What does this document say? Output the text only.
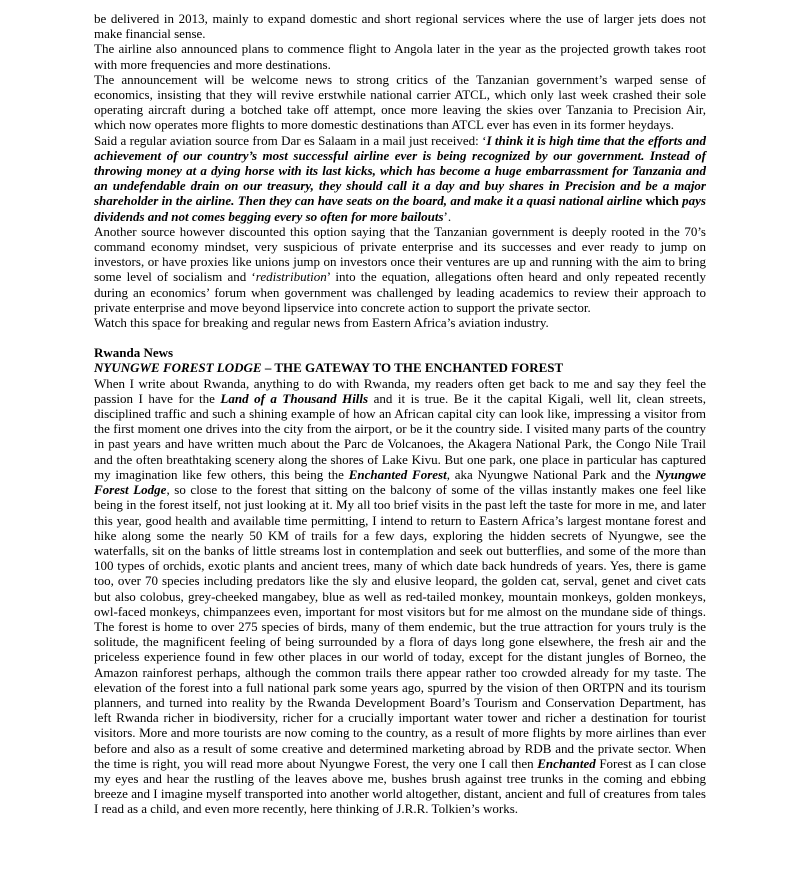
be delivered in 2013, mainly to expand domestic and short regional services where the use of larger jets does not make financial sense.

The airline also announced plans to commence flight to Angola later in the year as the projected growth takes root with more frequencies and more destinations.

The announcement will be welcome news to strong critics of the Tanzanian government’s warped sense of economics, insisting that they will revive erstwhile national carrier ATCL, which only last week crashed their sole operating aircraft during a botched take off attempt, once more leaving the skies over Tanzania to Precision Air, which now operates more flights to more domestic destinations than ATCL ever has even in its former heydays.

Said a regular aviation source from Dar es Salaam in a mail just received: ‘I think it is high time that the efforts and achievement of our country’s most successful airline ever is being recognized by our government. Instead of throwing money at a dying horse with its last kicks, which has become a huge embarrassment for Tanzania and an undefendable drain on our treasury, they should call it a day and buy shares in Precision and be a major shareholder in the airline. Then they can have seats on the board, and make it a quasi national airline which pays dividends and not comes begging every so often for more bailouts’.

Another source however discounted this option saying that the Tanzanian government is deeply rooted in the 70’s command economy mindset, very suspicious of private enterprise and its successes and ever ready to jump on investors, or have proxies like unions jump on investors once their ventures are up and running with the aim to bring some level of socialism and ‘redistribution’ into the equation, allegations often heard and only repeated recently during an economics’ forum when government was challenged by leading academics to review their approach to private enterprise and move beyond lipservice into concrete action to support the private sector.

Watch this space for breaking and regular news from Eastern Africa’s aviation industry.

Rwanda News

NYUNGWE FOREST LODGE – THE GATEWAY TO THE ENCHANTED FOREST

When I write about Rwanda, anything to do with Rwanda, my readers often get back to me and say they feel the passion I have for the Land of a Thousand Hills and it is true. Be it the capital Kigali, well lit, clean streets, disciplined traffic and such a shining example of how an African capital city can look like, impressing a visitor from the first moment one drives into the city from the airport, or be it the country side. I visited many parts of the country in past years and have written much about the Parc de Volcanoes, the Akagera National Park, the Congo Nile Trail and the often breathtaking scenery along the shores of Lake Kivu. But one park, one place in particular has captured my imagination like few others, this being the Enchanted Forest, aka Nyungwe National Park and the Nyungwe Forest Lodge, so close to the forest that sitting on the balcony of some of the villas instantly makes one feel like being in the forest itself, not just looking at it. My all too brief visits in the past left the taste for more in me, and later this year, good health and available time permitting, I intend to return to Eastern Africa’s largest montane forest and hike along some the nearly 50 KM of trails for a few days, exploring the hidden secrets of Nyungwe, see the waterfalls, sit on the banks of little streams lost in contemplation and seek out butterflies, and some of the more than 100 types of orchids, exotic plants and ancient trees, many of which date back hundreds of years. Yes, there is game too, over 70 species including predators like the sly and elusive leopard, the golden cat, serval, genet and civet cats but also colobus, grey-cheeked mangabey, blue as well as red-tailed monkey, mountain monkeys, golden monkeys, owl-faced monkeys, chimpanzees even, important for most visitors but for me almost on the mundane side of things. The forest is home to over 275 species of birds, many of them endemic, but the true attraction for yours truly is the solitude, the magnificent feeling of being surrounded by a flora of days long gone elsewhere, the fresh air and the priceless experience found in few other places in our world of today, except for the distant jungles of Borneo, the Amazon rainforest perhaps, although the common trails there appear rather too crowded already for my taste. The elevation of the forest into a full national park some years ago, spurred by the vision of then ORTPN and its tourism planners, and turned into reality by the Rwanda Development Board’s Tourism and Conservation Department, has left Rwanda richer in biodiversity, richer for a crucially important water tower and richer a destination for tourist visitors. More and more tourists are now coming to the country, as a result of more flights by more airlines than ever before and also as a result of some creative and determined marketing abroad by RDB and the private sector. When the time is right, you will read more about Nyungwe Forest, the very one I call then Enchanted Forest as I can close my eyes and hear the rustling of the leaves above me, bushes brush against tree trunks in the coming and ebbing breeze and I imagine myself transported into another world altogether, distant, ancient and full of creatures from tales I read as a child, and even more recently, here thinking of J.R.R. Tolkien’s works.
